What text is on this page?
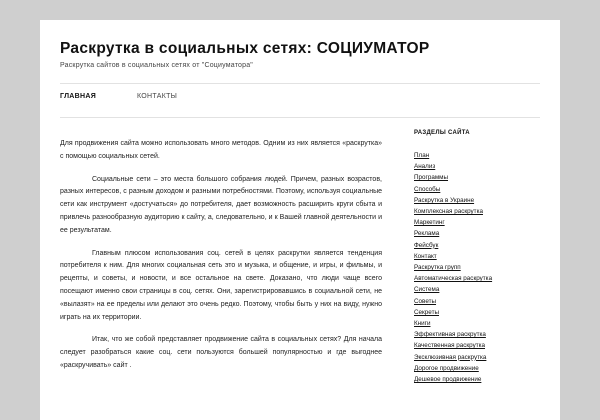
Раскрутка в социальных сетях: СОЦИУМАТОР
Раскрутка сайтов в социальных сетях от "Социуматора"
ГЛАВНАЯ	КОНТАКТЫ

Для продвижения сайта можно использовать много методов. Одним из них является «раскрутка» с помощью социальных сетей.

Социальные сети – это места большого собрания людей. Причем, разных возрастов, разных интересов, с разным доходом и разными потребностями. Поэтому, используя социальные сети как инструмент «достучаться» до потребителя, дает возможность расширить круги сбыта и привлечь разнообразную аудиторию к сайту, а, следовательно, и к Вашей главной деятельности и ее результатам.

Главным плюсом использования соц. сетей в целях раскрутки является тенденция потребителя к ним. Для многих социальная сеть это и музыка, и общение, и игры, и фильмы, и рецепты, и советы, и новости, и все остальное на свете. Доказано, что люди чаще всего посещают именно свои страницы в соц. сетях. Они, зарегистрировавшись в социальной сети, не «вылазят» на ее пределы или делают это очень редко. Поэтому, чтобы быть у них на виду, нужно играть на их территории.

Итак, что же собой представляет продвижение сайта в социальных сетях? Для начала следует разобраться какие соц. сети пользуются большей популярностью и где выгоднее «раскручивать» сайт .

РАЗДЕЛЫ САЙТА
План
Анализ
Программы
Способы
Раскрутка в Украине
Комплексная раскрутка
Маркетинг
Реклама
Фейсбук
Контакт
Раскрутка групп
Автоматическая раскрутка
Система
Советы
Секреты
Книги
Эффективная раскрутка
Качественная раскрутка
Эксклюзивная раскрутка
Дорогое продвижение
Дешевое продвижение
